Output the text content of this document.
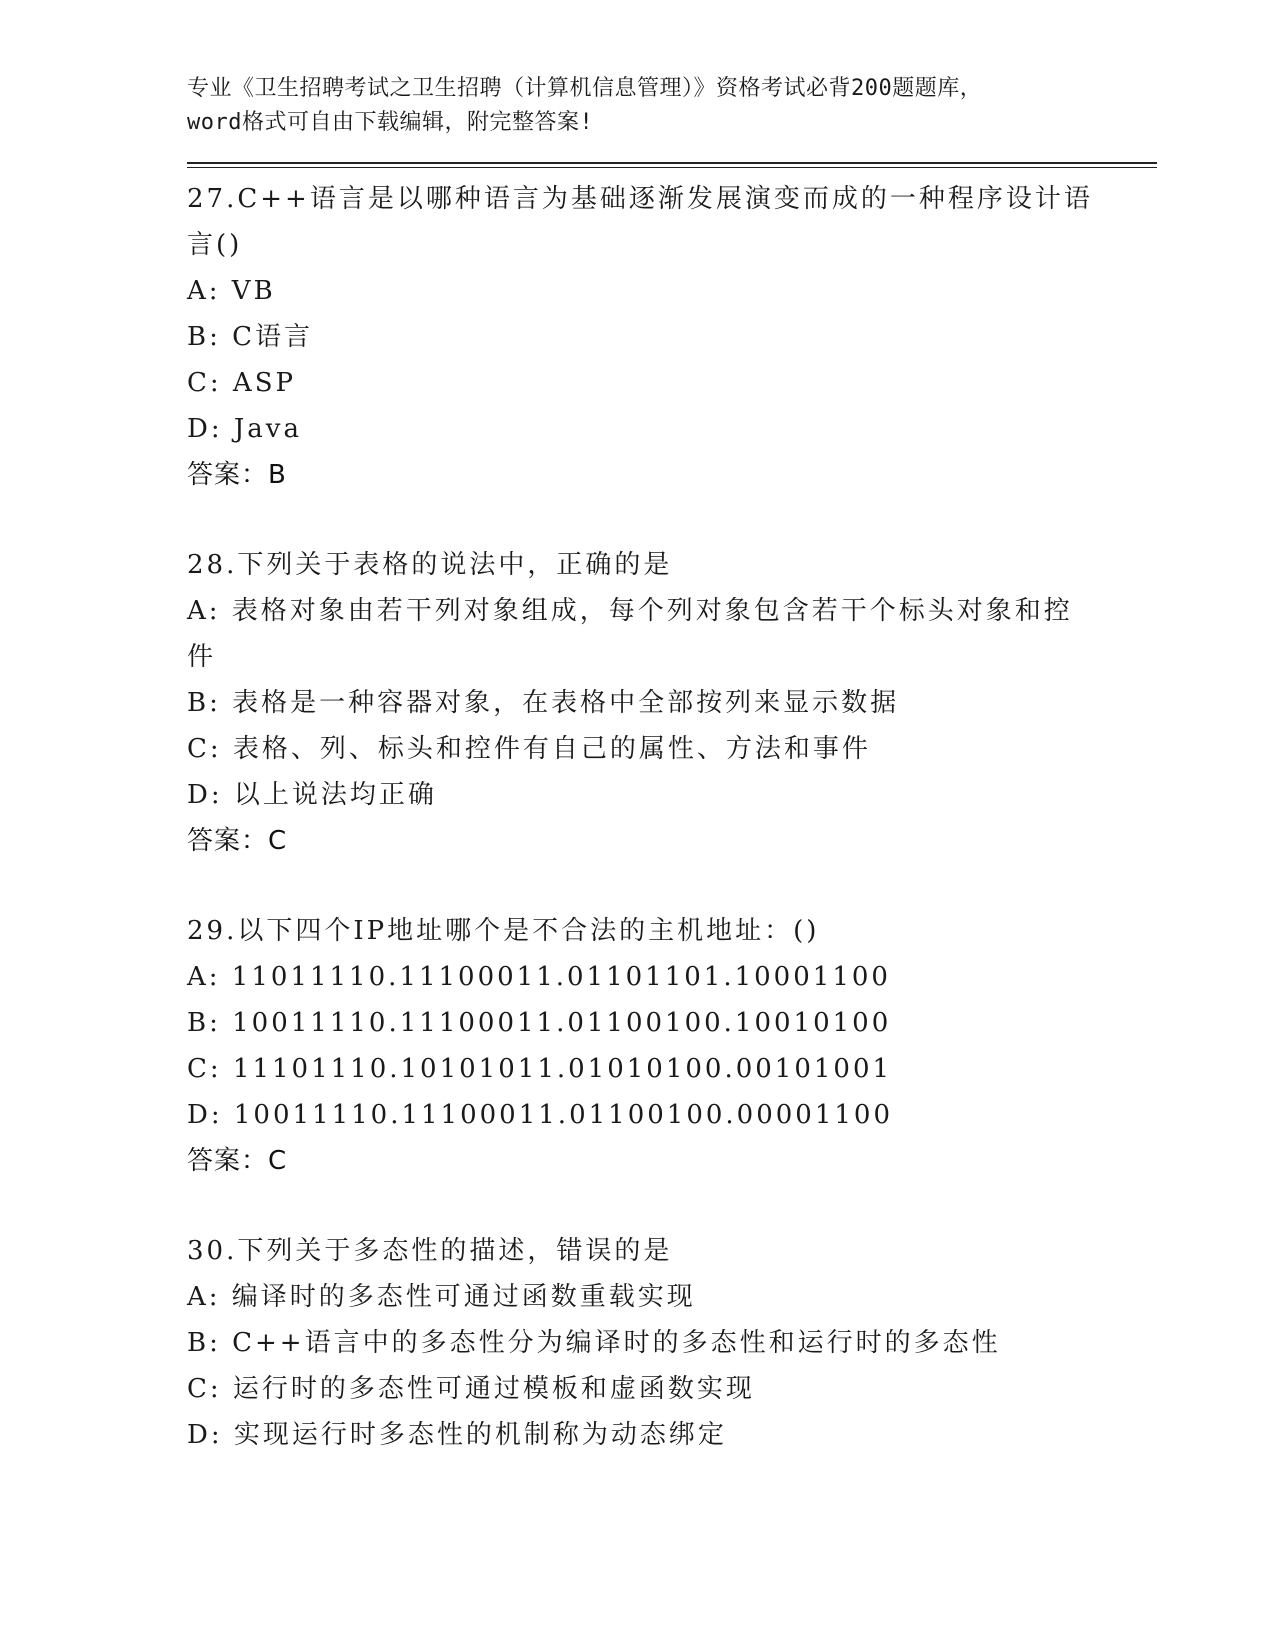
专业《卫生招聘考试之卫生招聘（计算机信息管理）》资格考试必背200题题库，
word格式可自由下载编辑，附完整答案!
27.C++语言是以哪种语言为基础逐渐发展演变而成的一种程序设计语
言()
A: VB
B: C语言
C: ASP
D: Java
答案：B
28.下列关于表格的说法中，正确的是
A: 表格对象由若干列对象组成，每个列对象包含若干个标头对象和控
件
B: 表格是一种容器对象，在表格中全部按列来显示数据
C: 表格、列、标头和控件有自己的属性、方法和事件
D: 以上说法均正确
答案：C
29.以下四个IP地址哪个是不合法的主机地址：()
A: 11011110.11100011.01101101.10001100
B: 10011110.11100011.01100100.10010100
C: 11101110.10101011.01010100.00101001
D: 10011110.11100011.01100100.00001100
答案：C
30.下列关于多态性的描述，错误的是
A: 编译时的多态性可通过函数重载实现
B: C++语言中的多态性分为编译时的多态性和运行时的多态性
C: 运行时的多态性可通过模板和虚函数实现
D: 实现运行时多态性的机制称为动态绑定
